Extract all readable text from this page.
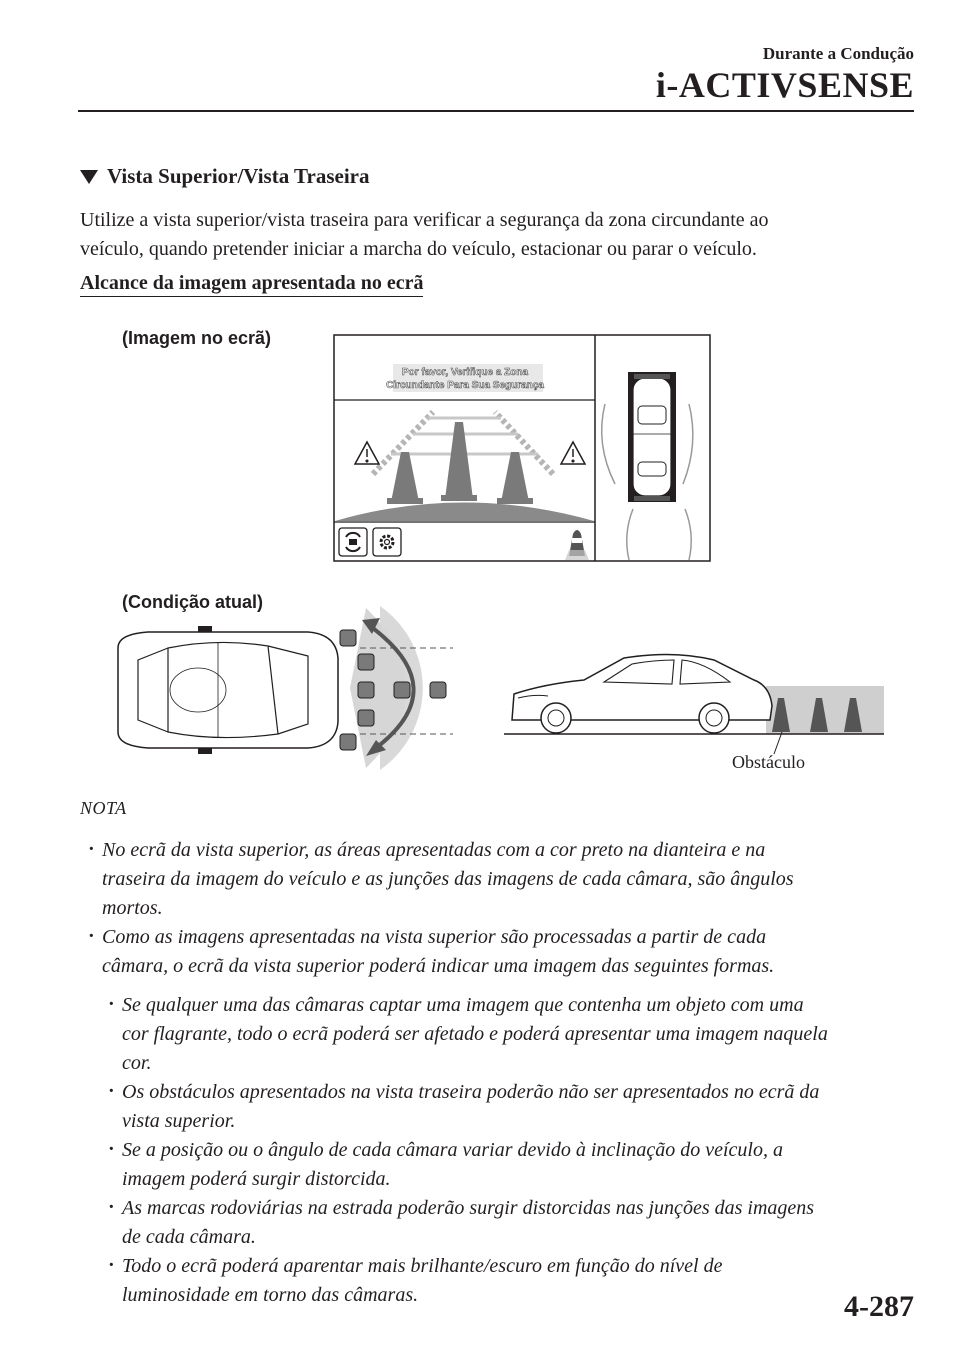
Durante a Condução
i-ACTIVSENSE
Vista Superior/Vista Traseira

Utilize a vista superior/vista traseira para verificar a segurança da zona circundante ao

veículo, quando pretender iniciar a marcha do veículo, estacionar ou parar o veículo.

Alcance da imagem apresentada no ecrã
(Imagem no ecrã)
Por favor, Verifique a Zona
Circundante Para Sua Segurança
(Condição atual)
Obstáculo
NOTA
· No ecrã da vista superior, as áreas apresentadas com a cor preto na dianteira e na
traseira da imagem do veículo e as junções das imagens de cada câmara, são ângulos
mortos.
· Como as imagens apresentadas na vista superior são processadas a partir de cada
câmara, o ecrã da vista superior poderá indicar uma imagem das seguintes formas.
· Se qualquer uma das câmaras captar uma imagem que contenha um objeto com uma
cor flagrante, todo o ecrã poderá ser afetado e poderá apresentar uma imagem naquela
cor.
· Os obstáculos apresentados na vista traseira poderão não ser apresentados no ecrã da
vista superior.
· Se a posição ou o ângulo de cada câmara variar devido à inclinação do veículo, a
imagem poderá surgir distorcida.
· As marcas rodoviárias na estrada poderão surgir distorcidas nas junções das imagens
de cada câmara.
· Todo o ecrã poderá aparentar mais brilhante/escuro em função do nível de
luminosidade em torno das câmaras.	4-287
